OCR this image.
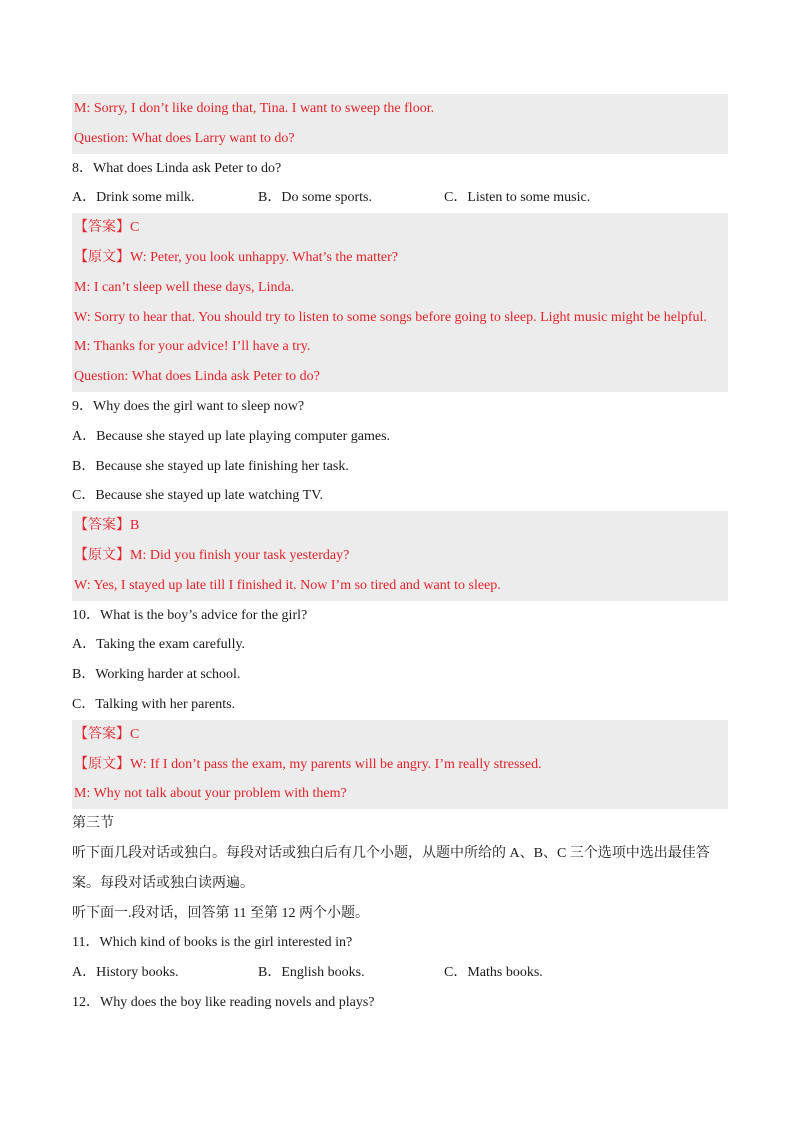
M: Sorry, I don’t like doing that, Tina. I want to sweep the floor.
Question: What does Larry want to do?
8．What does Linda ask Peter to do?
A．Drink some milk.	B．Do some sports.	C．Listen to some music.
【答案】C
【原文】W: Peter, you look unhappy. What’s the matter?
M: I can’t sleep well these days, Linda.
W: Sorry to hear that. You should try to listen to some songs before going to sleep. Light music might be helpful.
M: Thanks for your advice! I’ll have a try.
Question: What does Linda ask Peter to do?
9．Why does the girl want to sleep now?
A．Because she stayed up late playing computer games.
B．Because she stayed up late finishing her task.
C．Because she stayed up late watching TV.
【答案】B
【原文】M: Did you finish your task yesterday?
W: Yes, I stayed up late till I finished it. Now I’m so tired and want to sleep.
10．What is the boy’s advice for the girl?
A．Taking the exam carefully.
B．Working harder at school.
C．Talking with her parents.
【答案】C
【原文】W: If I don’t pass the exam, my parents will be angry. I’m really stressed.
M: Why not talk about your problem with them?
第三节
听下面几段对话或独白。每段对话或独白后有几个小题，从题中所给的 A、B、C 三个选项中选出最佳答
案。每段对话或独白读两遍。
听下面一.段对话，回答第 11 至第 12 两个小题。
11．Which kind of books is the girl interested in?
A．History books.	B．English books.	C．Maths books.
12．Why does the boy like reading novels and plays?
